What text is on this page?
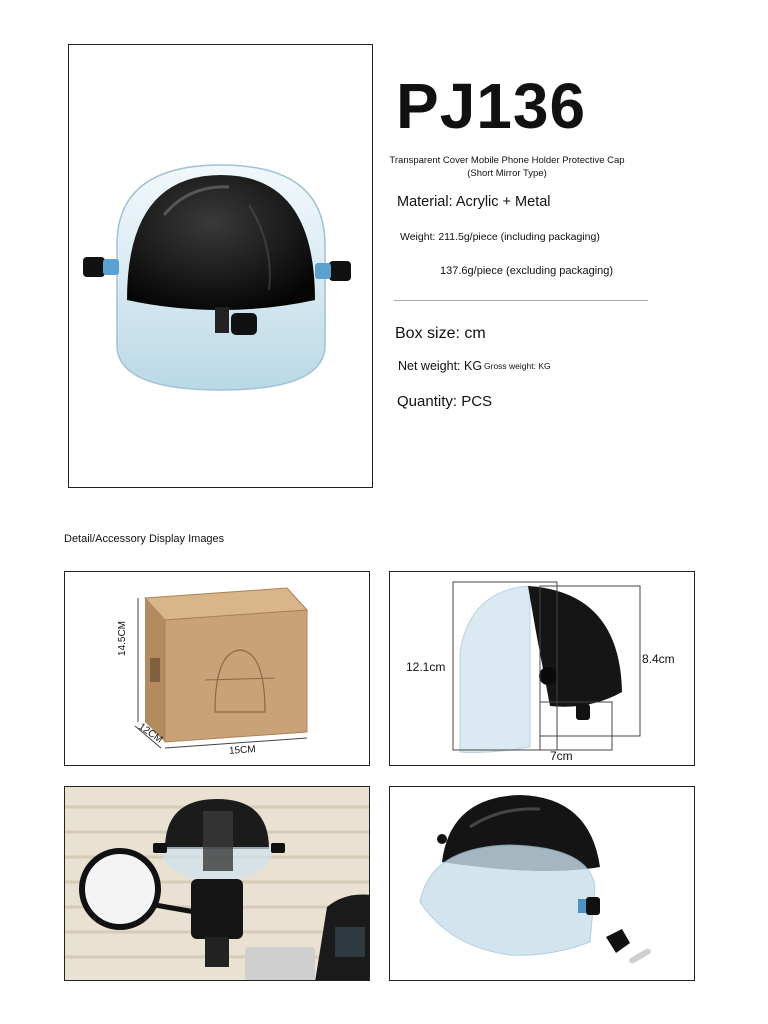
PJ136
Transparent Cover Mobile Phone Holder Protective Cap (Short Mirror Type)
Material: Acrylic + Metal
Weight: 211.5g/piece (including packaging)
137.6g/piece (excluding packaging)
Box size: cm
Net weight: KG Gross weight: KG
Quantity: PCS
Detail/Accessory Display Images
14.5CM
12CM
15CM
12.1cm
8.4cm
7cm
